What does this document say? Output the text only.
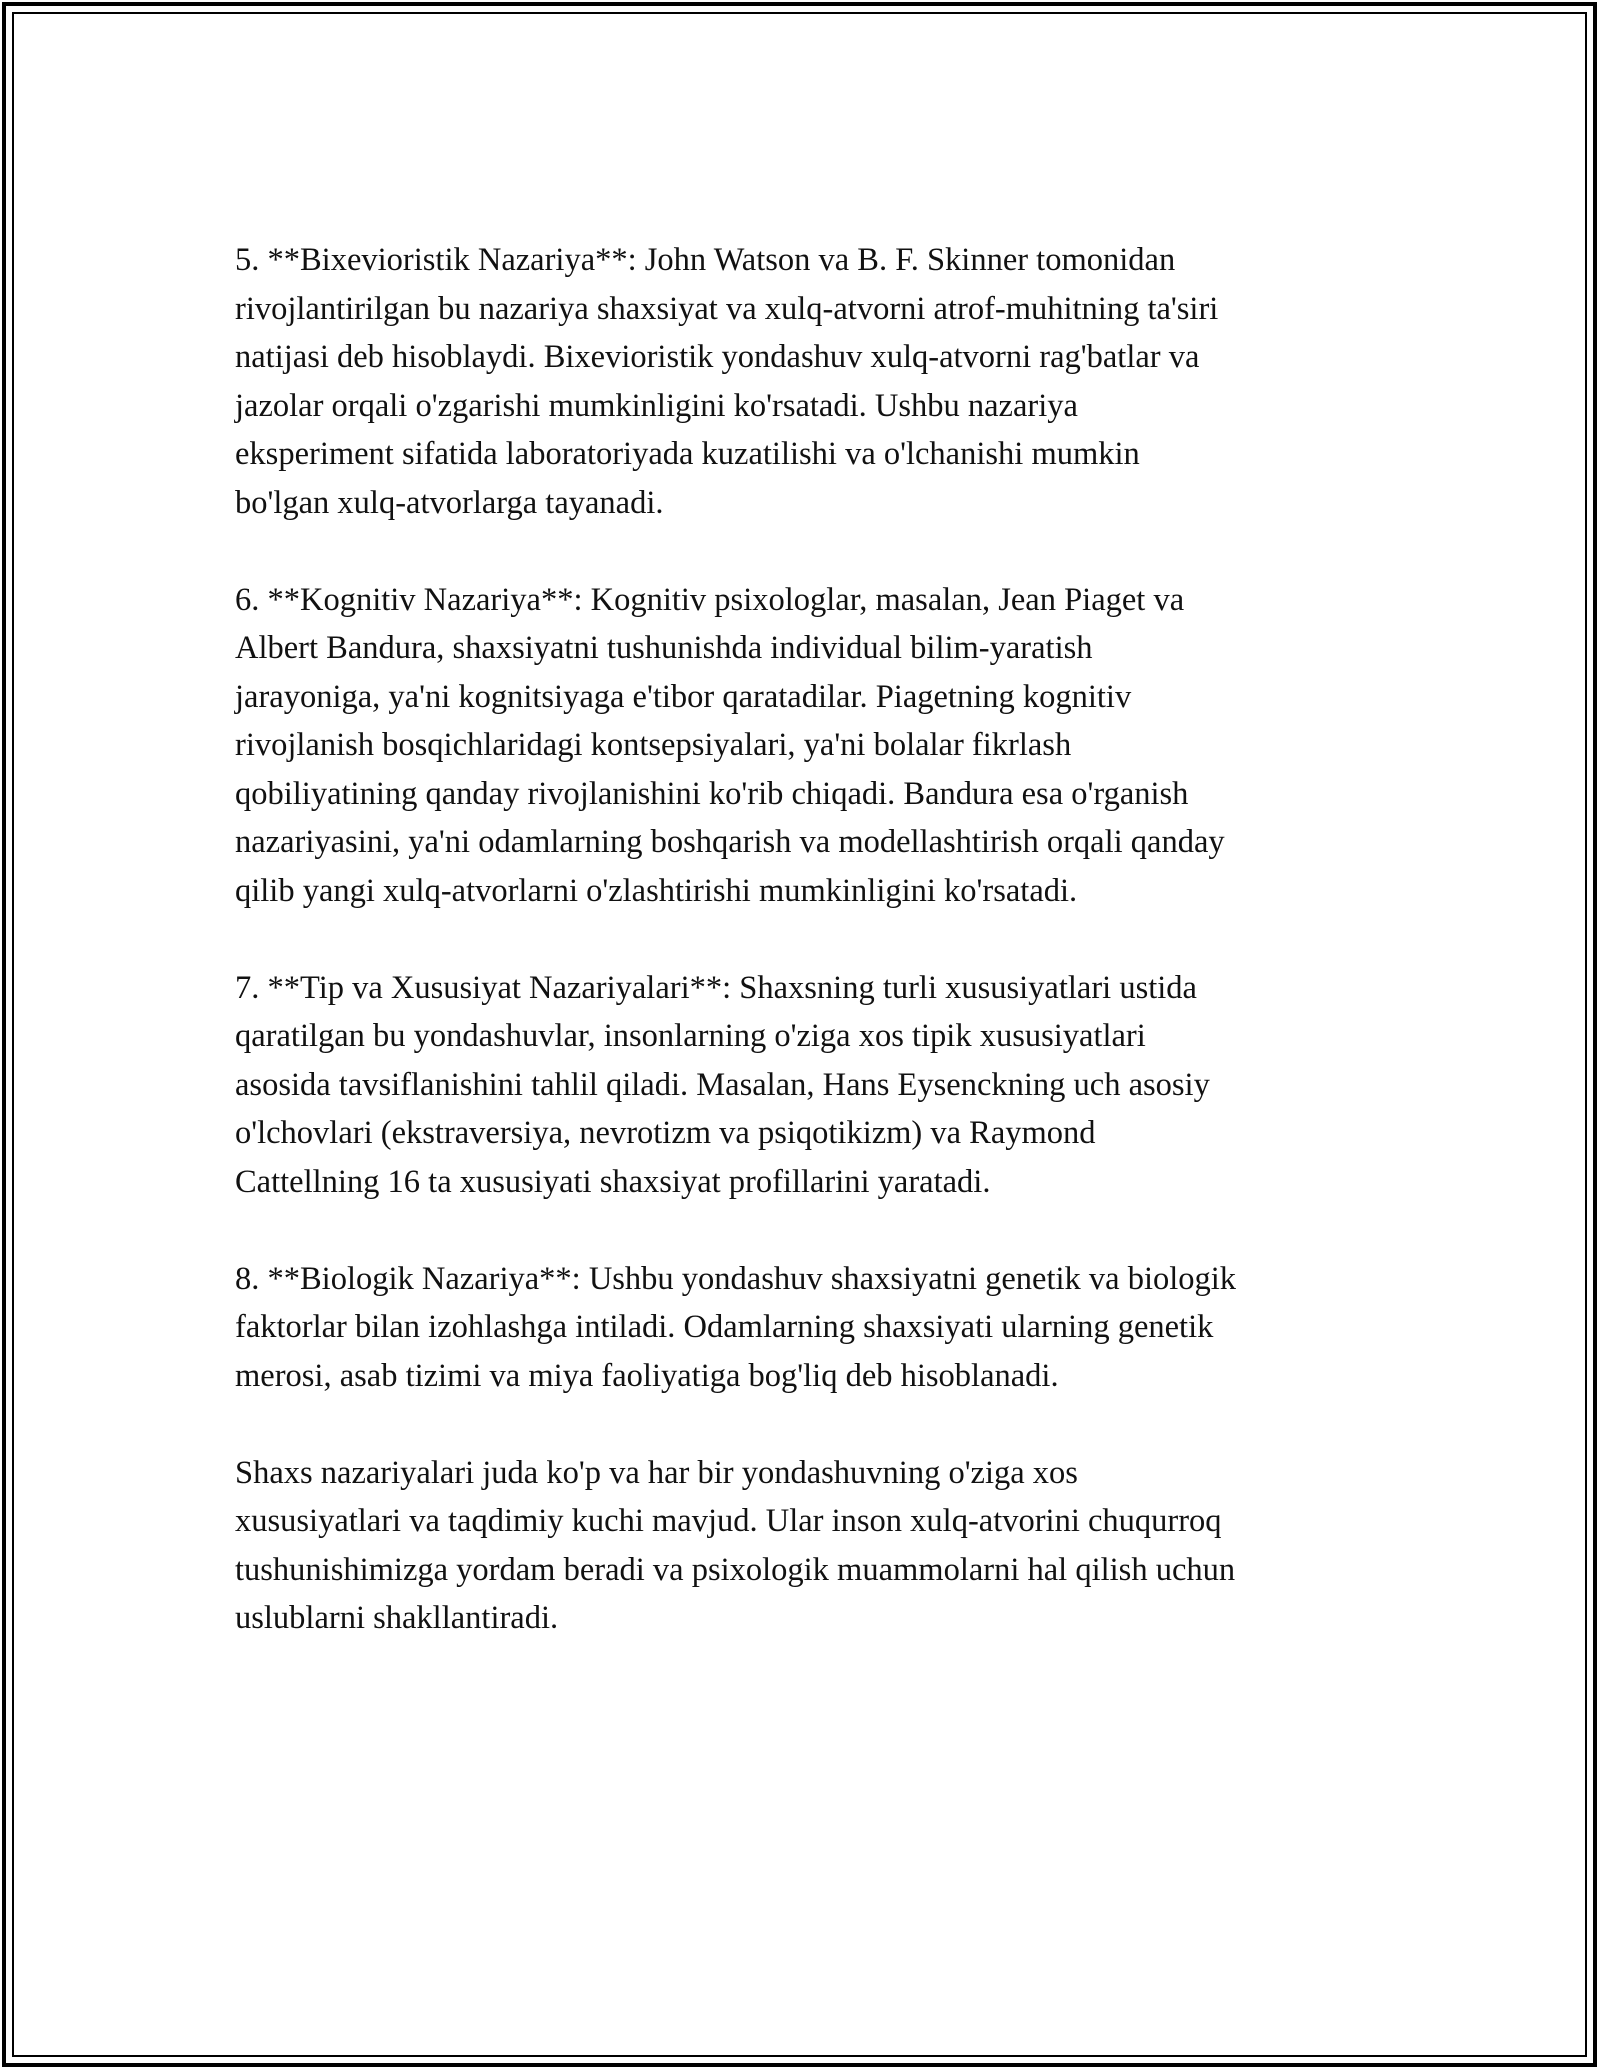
5. **Bixevioristik Nazariya**: John Watson va B. F. Skinner tomonidan
rivojlantirilgan bu nazariya shaxsiyat va xulq-atvorni atrof-muhitning ta'siri
natijasi deb hisoblaydi. Bixevioristik yondashuv xulq-atvorni rag'batlar va
jazolar orqali o'zgarishi mumkinligini ko'rsatadi. Ushbu nazariya
eksperiment sifatida laboratoriyada kuzatilishi va o'lchanishi mumkin
bo'lgan xulq-atvorlarga tayanadi.

6. **Kognitiv Nazariya**: Kognitiv psixologlar, masalan, Jean Piaget va
Albert Bandura, shaxsiyatni tushunishda individual bilim-yaratish
jarayoniga, ya'ni kognitsiyaga e'tibor qaratadilar. Piagetning kognitiv
rivojlanish bosqichlaridagi kontsepsiyalari, ya'ni bolalar fikrlash
qobiliyatining qanday rivojlanishini ko'rib chiqadi. Bandura esa o'rganish
nazariyasini, ya'ni odamlarning boshqarish va modellashtirish orqali qanday
qilib yangi xulq-atvorlarni o'zlashtirishi mumkinligini ko'rsatadi.

7. **Tip va Xususiyat Nazariyalari**: Shaxsning turli xususiyatlari ustida
qaratilgan bu yondashuvlar, insonlarning o'ziga xos tipik xususiyatlari
asosida tavsiflanishini tahlil qiladi. Masalan, Hans Eysenckning uch asosiy
o'lchovlari (ekstraversiya, nevrotizm va psiqotikizm) va Raymond
Cattellning 16 ta xususiyati shaxsiyat profillarini yaratadi.

8. **Biologik Nazariya**: Ushbu yondashuv shaxsiyatni genetik va biologik
faktorlar bilan izohlashga intiladi. Odamlarning shaxsiyati ularning genetik
merosi, asab tizimi va miya faoliyatiga bog'liq deb hisoblanadi.

Shaxs nazariyalari juda ko'p va har bir yondashuvning o'ziga xos
xususiyatlari va taqdimiy kuchi mavjud. Ular inson xulq-atvorini chuqurroq
tushunishimizga yordam beradi va psixologik muammolarni hal qilish uchun
uslublarni shakllantiradi.
